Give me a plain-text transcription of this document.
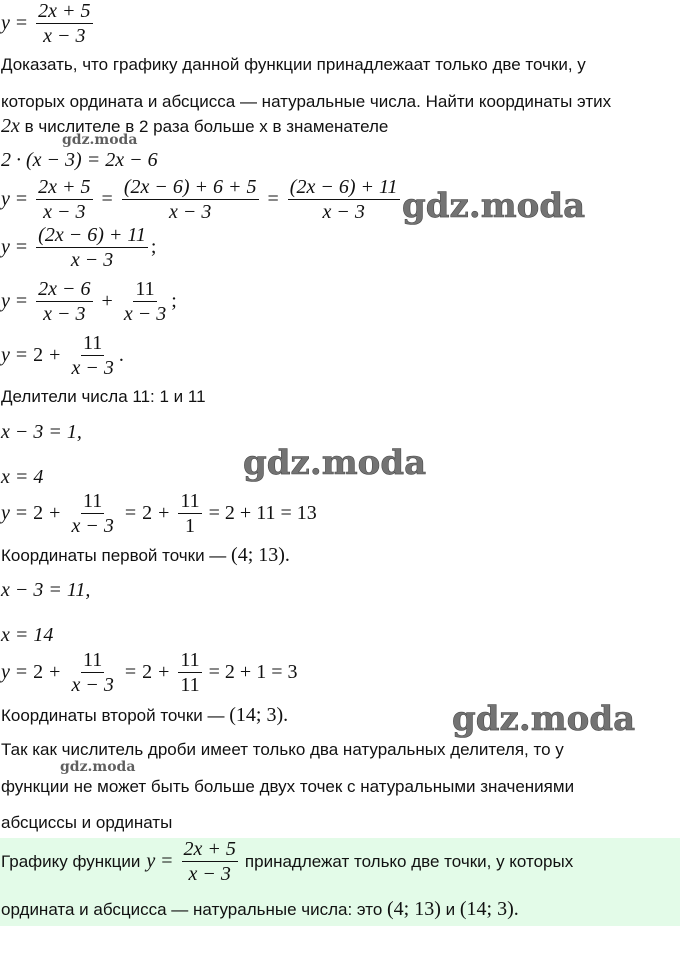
gdz.moda
gdz.moda
gdz.moda
gdz.moda
gdz.moda
$y = \frac{2x + 5}{x - 3}$
Доказать, что графику данной функции принадлежаат только две точки, у
которых ордината и абсцисса — натуральные числа. Найти координаты этих
2x в числителе в 2 раза больше x в знаменателе
2 · (x − 3) = 2x − 6
$y = \frac{2x + 5}{x - 3} = \frac{(2x - 6) + 6 + 5}{x - 3} = \frac{(2x - 6) + 11}{x - 3}$
$y = \frac{(2x - 6) + 11}{x - 3}$ ;
$y = \frac{2x - 6}{x - 3} + \frac{11}{x - 3}$ ;
$y = 2 + \frac{11}{x - 3}$ .
Делители числа 11: 1 и 11
x − 3 = 1,
x = 4
$y = 2 + \frac{11}{x - 3} = 2 + \frac{11}{1} = 2 + 11 = 13$
Координаты первой точки — (4; 13).
x − 3 = 11,
x = 14
$y = 2 + \frac{11}{x - 3} = 2 + \frac{11}{11} = 2 + 1 = 3$
Координаты второй точки — (14; 3).
Так как числитель дроби имеет только два натуральных делителя, то у
функции не может быть больше двух точек с натуральными значениями
абсциссы и ординаты
Графику функции $y = \frac{2x + 5}{x - 3}$ принадлежат только две точки, у которых
ордината и абсцисса — натуральные числа: это (4; 13) и (14; 3).
